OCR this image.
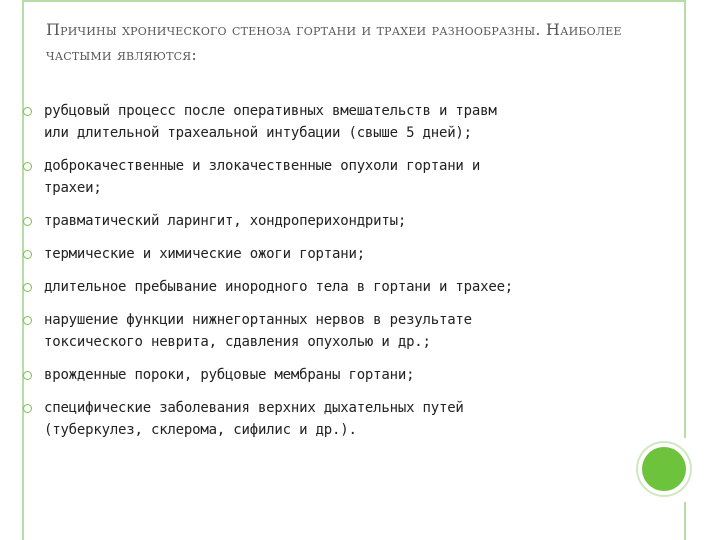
Причины хронического стеноза гортани и трахеи разнообразны. Наиболее частыми являются:
рубцовый процесс после оперативных вмешательств и травм или длительной трахеальной интубации (свыше 5 дней);
доброкачественные и злокачественные опухоли гортани и трахеи;
травматический ларингит, хондроперихондриты;
термические и химические ожоги гортани;
длительное пребывание инородного тела в гортани и трахее;
нарушение функции нижнегортанных нервов в результате токсического неврита, сдавления опухолью и др.;
врожденные пороки, рубцовые мембраны гортани;
специфические заболевания верхних дыхательных путей (туберкулез, склерома, сифилис и др.).
